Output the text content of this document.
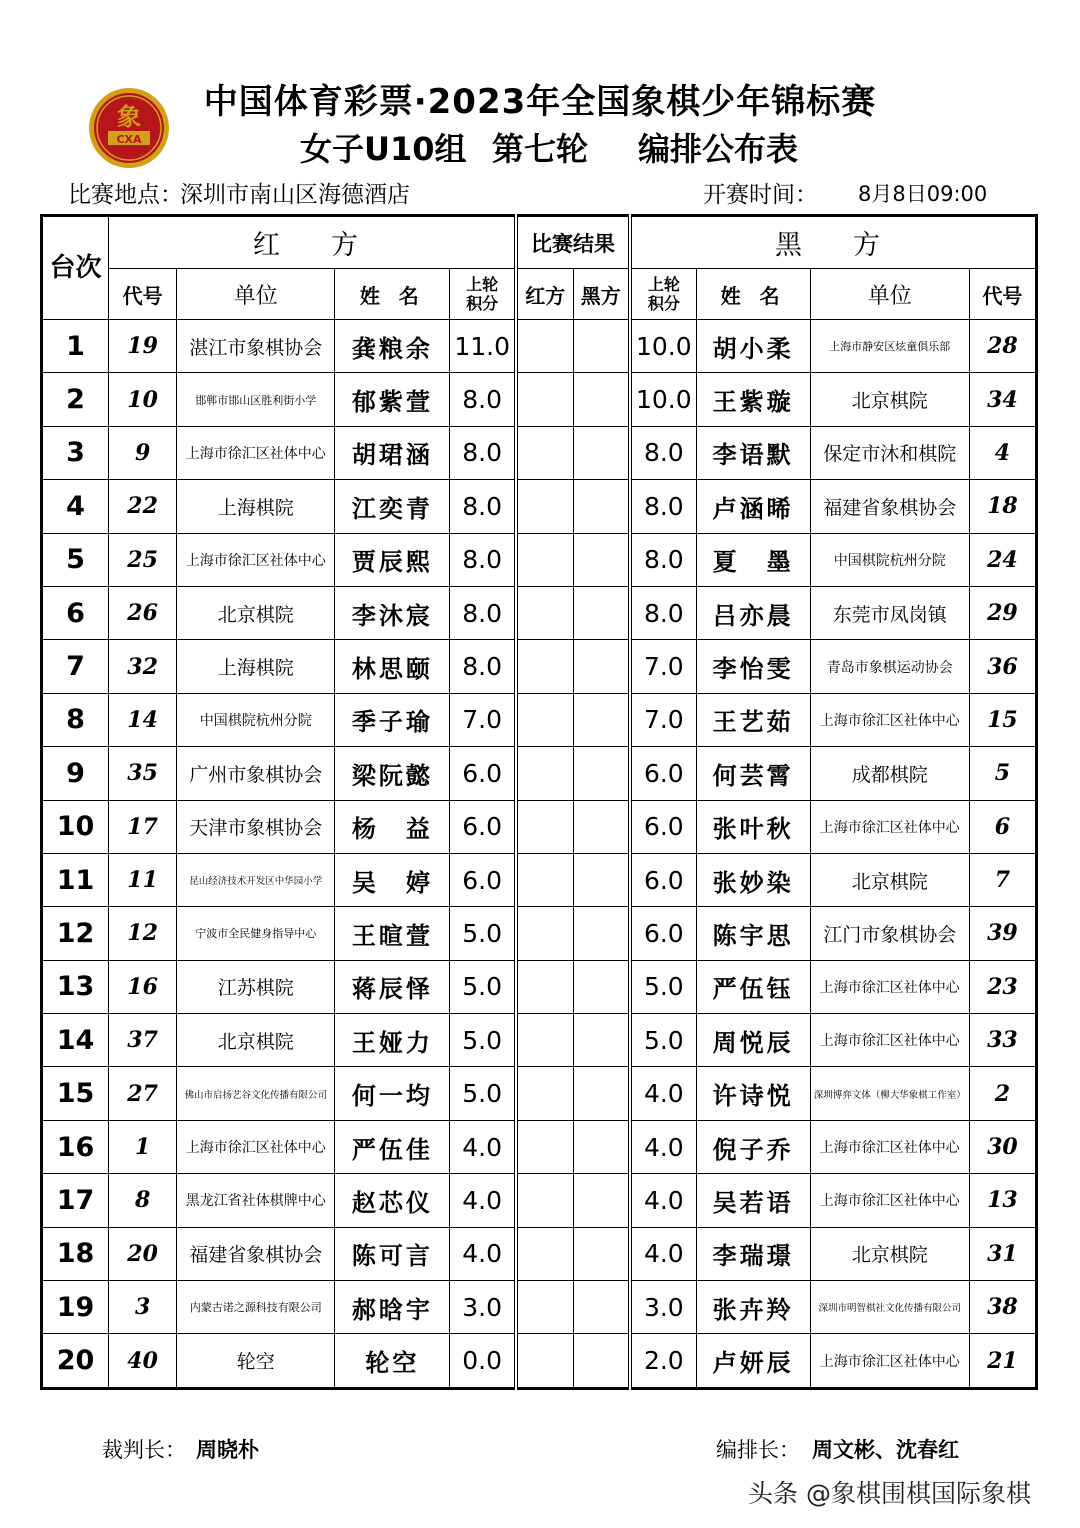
象
CXA
中国体育彩票·2023年全国象棋少年锦标赛
女子U10组 第七轮 编排公布表
比赛地点：
深圳市南山区海德酒店	开赛时间： 8月8日09:00
台次	红　方				比赛结果		黑　方			
	代号	单位	姓 名	上轮
积分	红方	黑方	上轮
积分	姓 名	单位	代号
1	19	湛江市象棋协会	龚粮余	11.0			10.0	胡小柔	上海市静安区炫童俱乐部	28
2	10	邯郸市邯山区胜利街小学	郁紫萱	8.0			10.0	王紫璇	北京棋院	34
3	9	上海市徐汇区社体中心	胡珺涵	8.0			8.0	李语默	保定市沐和棋院	4
4	22	上海棋院	江奕青	8.0			8.0	卢涵晞	福建省象棋协会	18
5	25	上海市徐汇区社体中心	贾辰熙	8.0			8.0	夏　墨	中国棋院杭州分院	24
6	26	北京棋院	李沐宸	8.0			8.0	吕亦晨	东莞市凤岗镇	29
7	32	上海棋院	林思颐	8.0			7.0	李怡雯	青岛市象棋运动协会	36
8	14	中国棋院杭州分院	季子瑜	7.0			7.0	王艺茹	上海市徐汇区社体中心	15
9	35	广州市象棋协会	梁阮懿	6.0			6.0	何芸霄	成都棋院	5
10	17	天津市象棋协会	杨　益	6.0			6.0	张叶秋	上海市徐汇区社体中心	6
11	11	昆山经济技术开发区中华园小学	吴　婷	6.0			6.0	张妙染	北京棋院	7
12	12	宁波市全民健身指导中心	王暄萱	5.0			6.0	陈宇思	江门市象棋协会	39
13	16	江苏棋院	蒋辰怿	5.0			5.0	严伍钰	上海市徐汇区社体中心	23
14	37	北京棋院	王娅力	5.0			5.0	周悦辰	上海市徐汇区社体中心	33
15	27	佛山市启扬艺谷文化传播有限公司	何一均	5.0			4.0	许诗悦	深圳博弈文体（柳大华象棋工作室）	2
16	1	上海市徐汇区社体中心	严伍佳	4.0			4.0	倪子乔	上海市徐汇区社体中心	30
17	8	黑龙江省社体棋牌中心	赵芯仪	4.0			4.0	吴若语	上海市徐汇区社体中心	13
18	20	福建省象棋协会	陈可言	4.0			4.0	李瑞璟	北京棋院	31
19	3	内蒙古诺之源科技有限公司	郝晗宇	3.0			3.0	张卉羚	深圳市明智棋社文化传播有限公司	38
20	40	轮空	轮空	0.0			2.0	卢妍辰	上海市徐汇区社体中心	21
裁判长： 周晓朴	编排长： 周文彬、沈春红
头条 @象棋围棋国际象棋
